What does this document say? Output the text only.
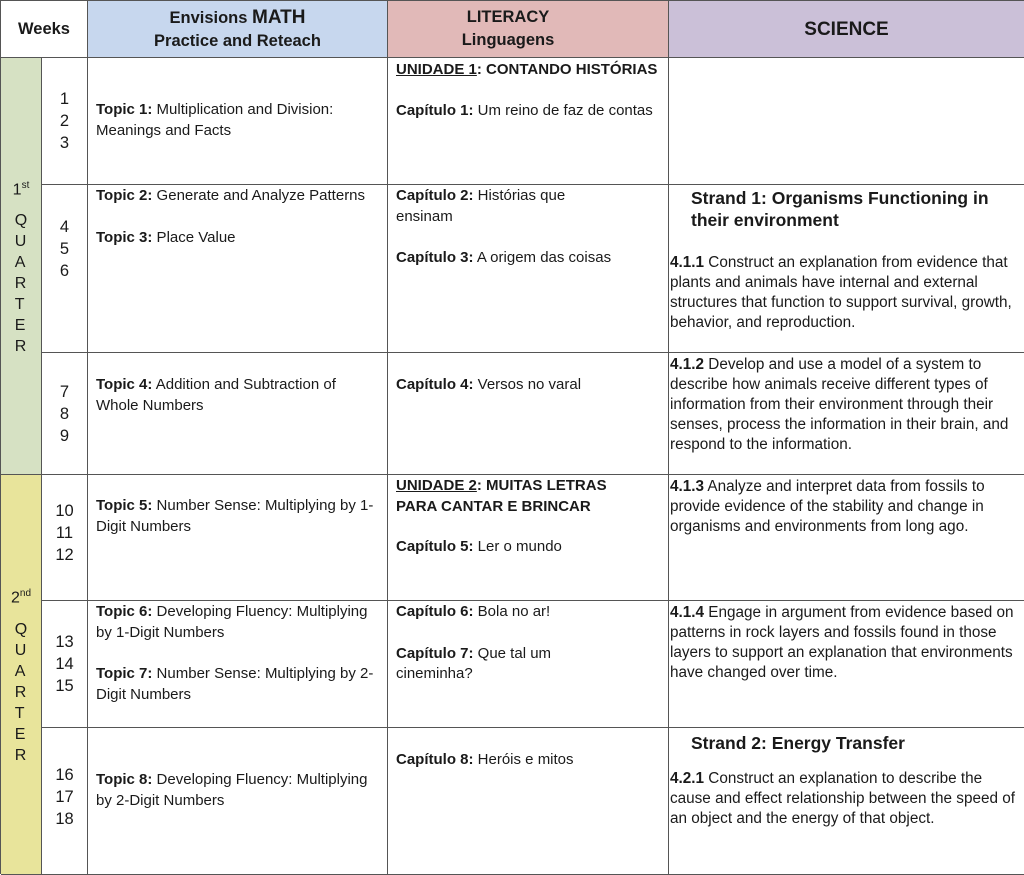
Weeks
Envisions MATH
Practice and Reteach
LITERACY
Linguagens
SCIENCE
1st
Q
U
A
R
T
E
R
2nd
Q
U
A
R
T
E
R
1
2
3

Topic 1: Multiplication and Division: Meanings and Facts

UNIDADE 1: CONTANDO HISTÓRIAS

Capítulo 1: Um reino de faz de contas

4
5
6

Topic 2: Generate and Analyze Patterns

Topic 3: Place Value

Capítulo 2: Histórias que ensinam

Capítulo 3: A origem das coisas

Strand 1: Organisms Functioning in their environment

4.1.1 Construct an explanation from evidence that plants and animals have internal and external structures that function to support survival, growth, behavior, and reproduction.

7
8
9

Topic 4: Addition and Subtraction of Whole Numbers

Capítulo 4: Versos no varal

4.1.2 Develop and use a model of a system to describe how animals receive different types of information from their environment through their senses, process the information in their brain, and respond to the information.

10
11
12

Topic 5: Number Sense: Multiplying by 1-Digit Numbers

UNIDADE 2: MUITAS LETRAS PARA CANTAR E BRINCAR

Capítulo 5: Ler o mundo

4.1.3 Analyze and interpret data from fossils to provide evidence of the stability and change in organisms and environments from long ago.

13
14
15

Topic 6: Developing Fluency: Multiplying by 1-Digit Numbers

Topic 7: Number Sense: Multiplying by 2-Digit Numbers

Capítulo 6: Bola no ar!

Capítulo 7: Que tal um cineminha?

4.1.4 Engage in argument from evidence based on patterns in rock layers and fossils found in those layers to support an explanation that environments have changed over time.

16
17
18

Topic 8: Developing Fluency: Multiplying by 2-Digit Numbers

Capítulo 8: Heróis e mitos

Strand 2: Energy Transfer

4.2.1 Construct an explanation to describe the cause and effect relationship between the speed of an object and the energy of that object.
